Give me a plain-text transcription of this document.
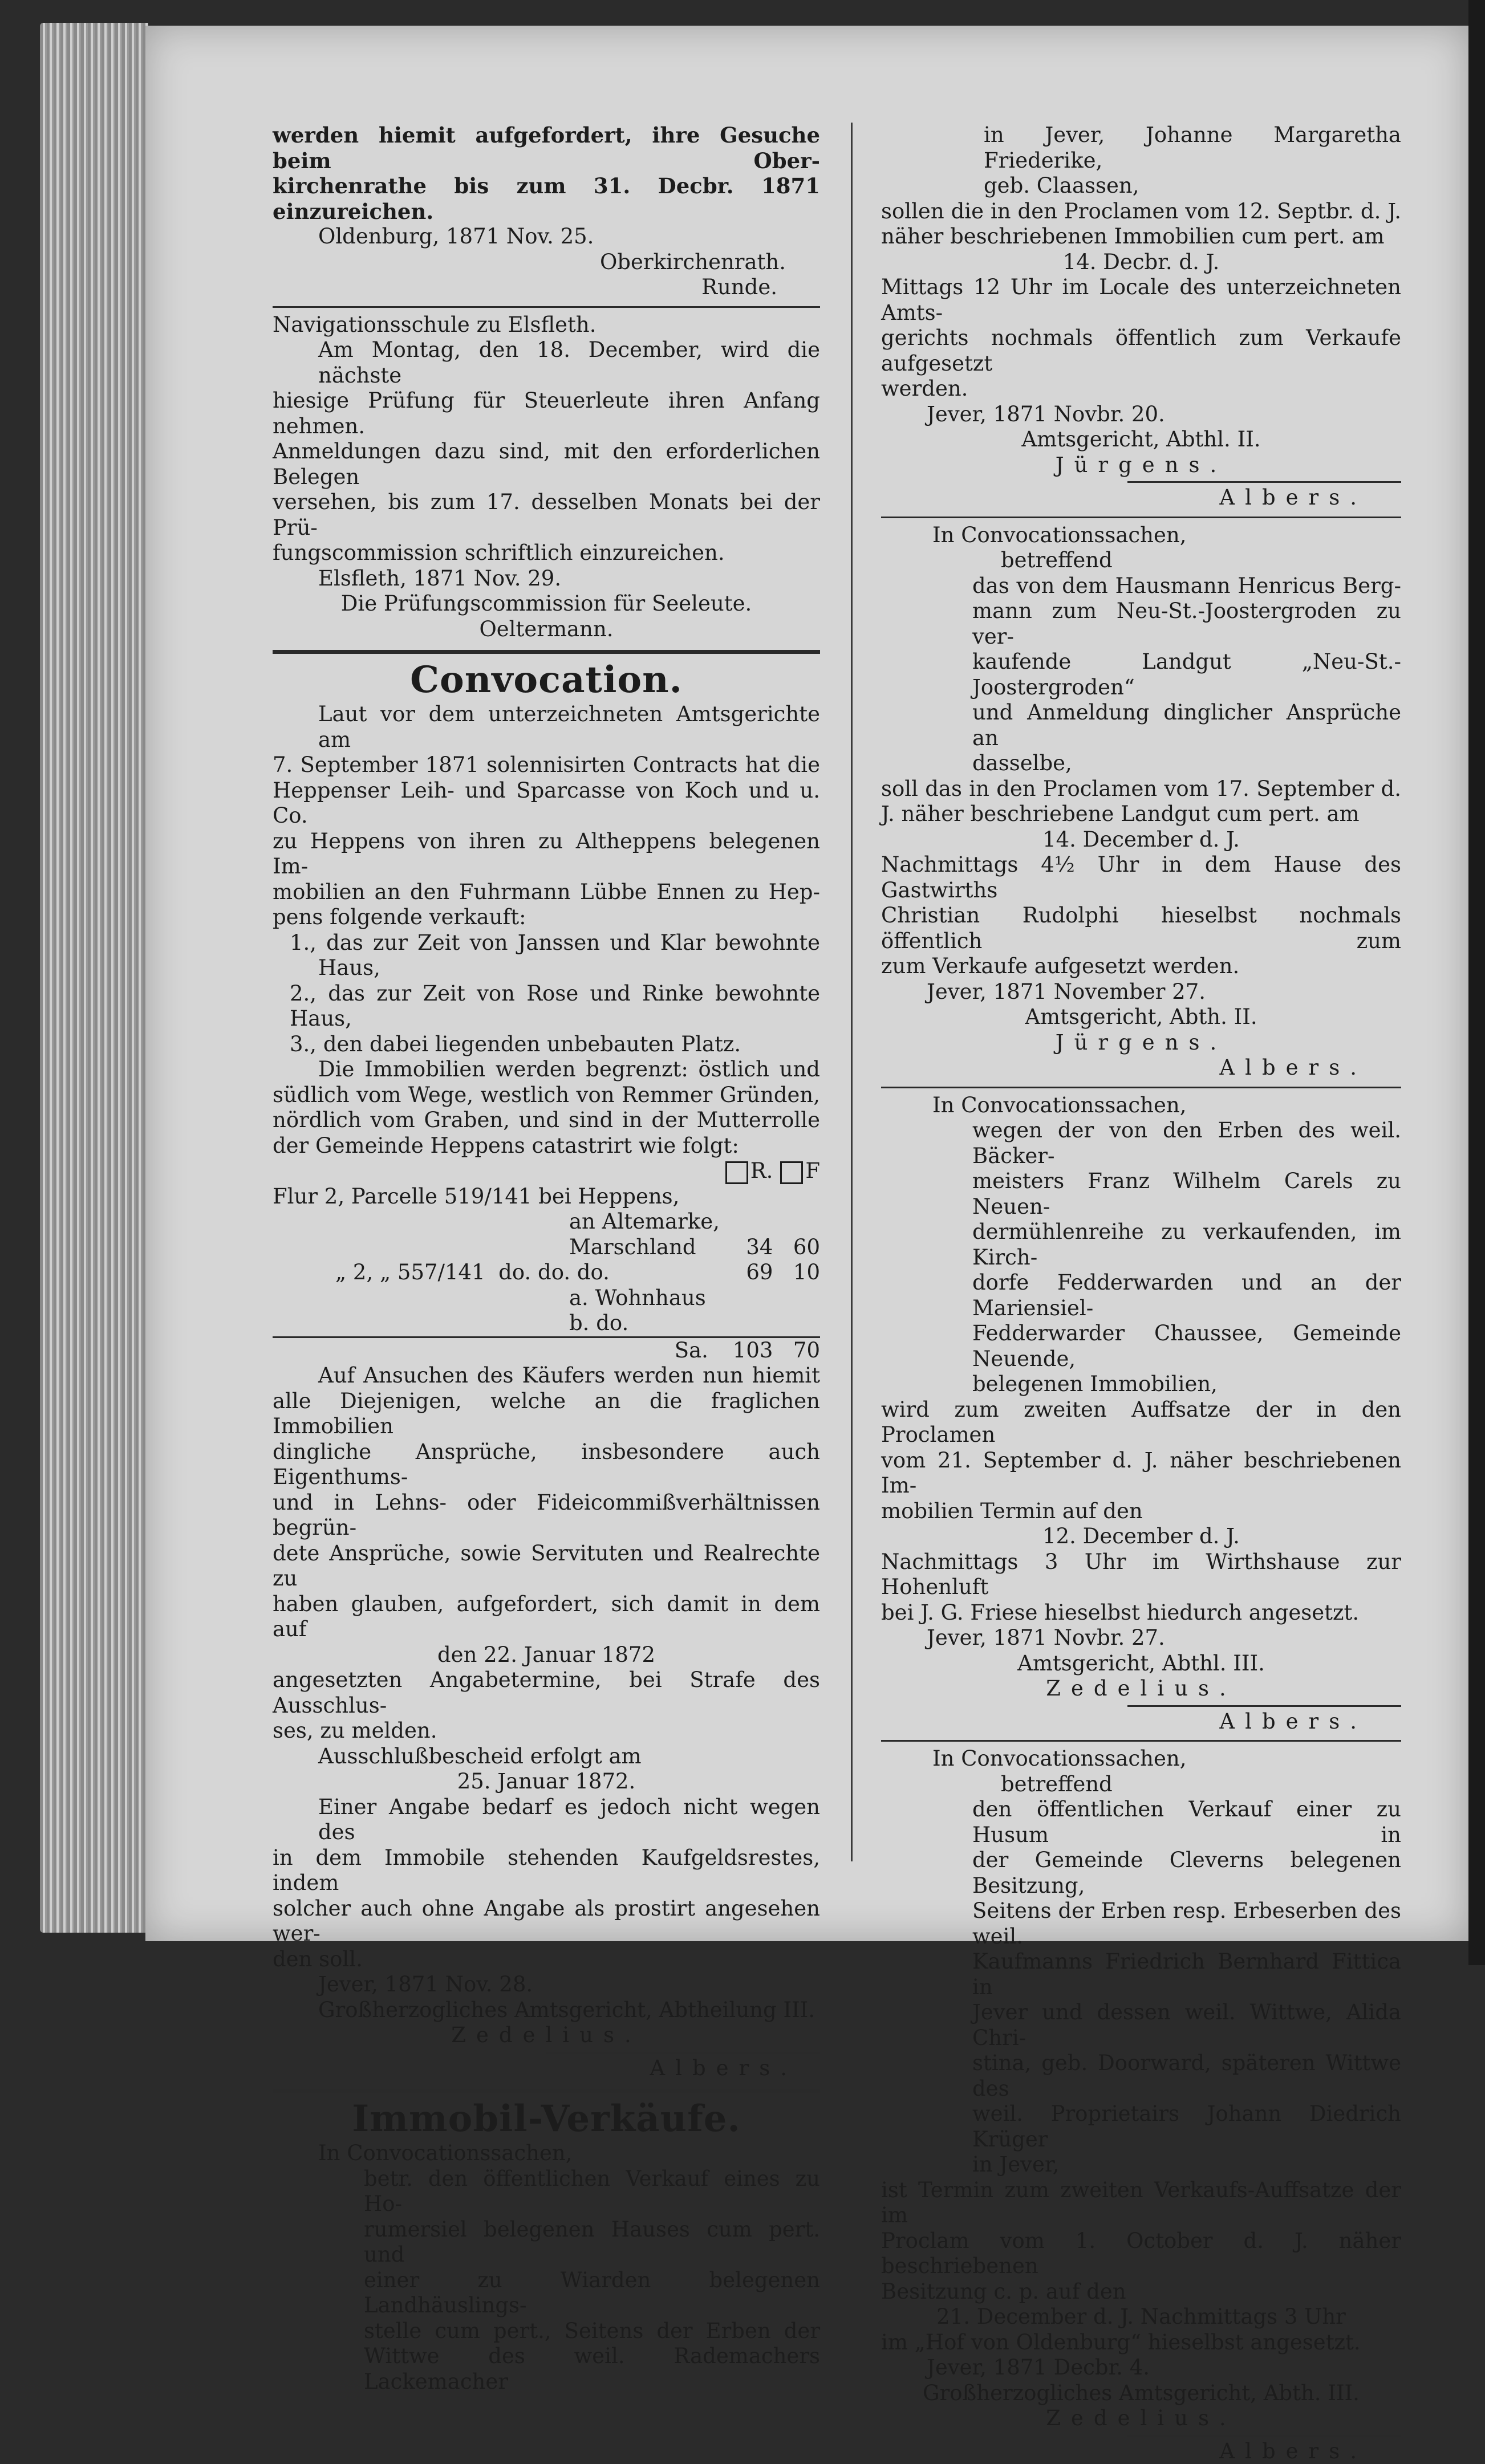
werden hiemit aufgefordert, ihre Gesuche beim Ober-

kirchenrathe bis zum 31. Decbr. 1871 einzureichen.

Oldenburg, 1871 Nov. 25.

Oberkirchenrath.

Runde.

Navigationsschule zu Elsfleth.

Am Montag, den 18. December, wird die nächste

hiesige Prüfung für Steuerleute ihren Anfang nehmen.

Anmeldungen dazu sind, mit den erforderlichen Belegen

versehen, bis zum 17. desselben Monats bei der Prü-

fungscommission schriftlich einzureichen.

Elsfleth, 1871 Nov. 29.

Die Prüfungscommission für Seeleute.

Oeltermann.

Convocation.

Laut vor dem unterzeichneten Amtsgerichte am

7. September 1871 solennisirten Contracts hat die

Heppenser Leih- und Sparcasse von Koch und u. Co.

zu Heppens von ihren zu Altheppens belegenen Im-

mobilien an den Fuhrmann Lübbe Ennen zu Hep-

pens folgende verkauft:

1., das zur Zeit von Janssen und Klar bewohnte

Haus,

2., das zur Zeit von Rose und Rinke bewohnte Haus,

3., den dabei liegenden unbebauten Platz.

Die Immobilien werden begrenzt: östlich und

südlich vom Wege, westlich von Remmer Gründen,

nördlich vom Graben, und sind in der Mutterrolle

der Gemeinde Heppens catastrirt wie folgt:

	R.	F
Flur 2, Parcelle 519/141 bei Heppens,		
an Altemarke,		
Marschland	34	60
„ 2, „ 557/141 do. do. do.	69	10
a. Wohnhaus		
b. do.		
Sa.	103	70

Auf Ansuchen des Käufers werden nun hiemit

alle Diejenigen, welche an die fraglichen Immobilien

dingliche Ansprüche, insbesondere auch Eigenthums-

und in Lehns- oder Fideicommißverhältnissen begrün-

dete Ansprüche, sowie Servituten und Realrechte zu

haben glauben, aufgefordert, sich damit in dem auf

den 22. Januar 1872

angesetzten Angabetermine, bei Strafe des Ausschlus-

ses, zu melden.

Ausschlußbescheid erfolgt am

25. Januar 1872.

Einer Angabe bedarf es jedoch nicht wegen des

in dem Immobile stehenden Kaufgeldsrestes, indem

solcher auch ohne Angabe als prostirt angesehen wer-

den soll.

Jever, 1871 Nov. 28.

Großherzogliches Amtsgericht, Abtheilung III.

Zedelius.

Albers.

Immobil-Verkäufe.

In Convocationssachen,

betr. den öffentlichen Verkauf eines zu Ho-

rumersiel belegenen Hauses cum pert. und

einer zu Wiarden belegenen Landhäuslings-

stelle cum pert., Seitens der Erben der

Wittwe des weil. Rademachers Lackemacher

in Jever, Johanne Margaretha Friederike,

geb. Claassen,

sollen die in den Proclamen vom 12. Septbr. d. J.

näher beschriebenen Immobilien cum pert. am

14. Decbr. d. J.

Mittags 12 Uhr im Locale des unterzeichneten Amts-

gerichts nochmals öffentlich zum Verkaufe aufgesetzt

werden.

Jever, 1871 Novbr. 20.

Amtsgericht, Abthl. II.

Jürgens.

Albers.

In Convocationssachen,

betreffend

das von dem Hausmann Henricus Berg-

mann zum Neu-St.-Joostergroden zu ver-

kaufende Landgut „Neu-St.-Joostergroden“

und Anmeldung dinglicher Ansprüche an

dasselbe,

soll das in den Proclamen vom 17. September d.

J. näher beschriebene Landgut cum pert. am

14. December d. J.

Nachmittags 4½ Uhr in dem Hause des Gastwirths

Christian Rudolphi hieselbst nochmals öffentlich zum

zum Verkaufe aufgesetzt werden.

Jever, 1871 November 27.

Amtsgericht, Abth. II.

Jürgens.

Albers.

In Convocationssachen,

wegen der von den Erben des weil. Bäcker-

meisters Franz Wilhelm Carels zu Neuen-

dermühlenreihe zu verkaufenden, im Kirch-

dorfe Fedderwarden und an der Mariensiel-

Fedderwarder Chaussee, Gemeinde Neuende,

belegenen Immobilien,

wird zum zweiten Auffsatze der in den Proclamen

vom 21. September d. J. näher beschriebenen Im-

mobilien Termin auf den

12. December d. J.

Nachmittags 3 Uhr im Wirthshause zur Hohenluft

bei J. G. Friese hieselbst hiedurch angesetzt.

Jever, 1871 Novbr. 27.

Amtsgericht, Abthl. III.

Zedelius.

Albers.

In Convocationssachen,

betreffend

den öffentlichen Verkauf einer zu Husum in

der Gemeinde Cleverns belegenen Besitzung,

Seitens der Erben resp. Erbeserben des weil.

Kaufmanns Friedrich Bernhard Fittica in

Jever und dessen weil. Wittwe, Alida Chri-

stina, geb. Doorward, späteren Wittwe des

weil. Proprietairs Johann Diedrich Krüger

in Jever,

ist Termin zum zweiten Verkaufs-Auffsatze der im

Proclam vom 1. October d. J. näher beschriebenen

Besitzung c. p. auf den

21. December d. J. Nachmittags 3 Uhr

im „Hof von Oldenburg“ hieselbst angesetzt.

Jever, 1871 Decbr. 4.

Großherzogliches Amtsgericht, Abth. III.

Zedelius.

Albers.
